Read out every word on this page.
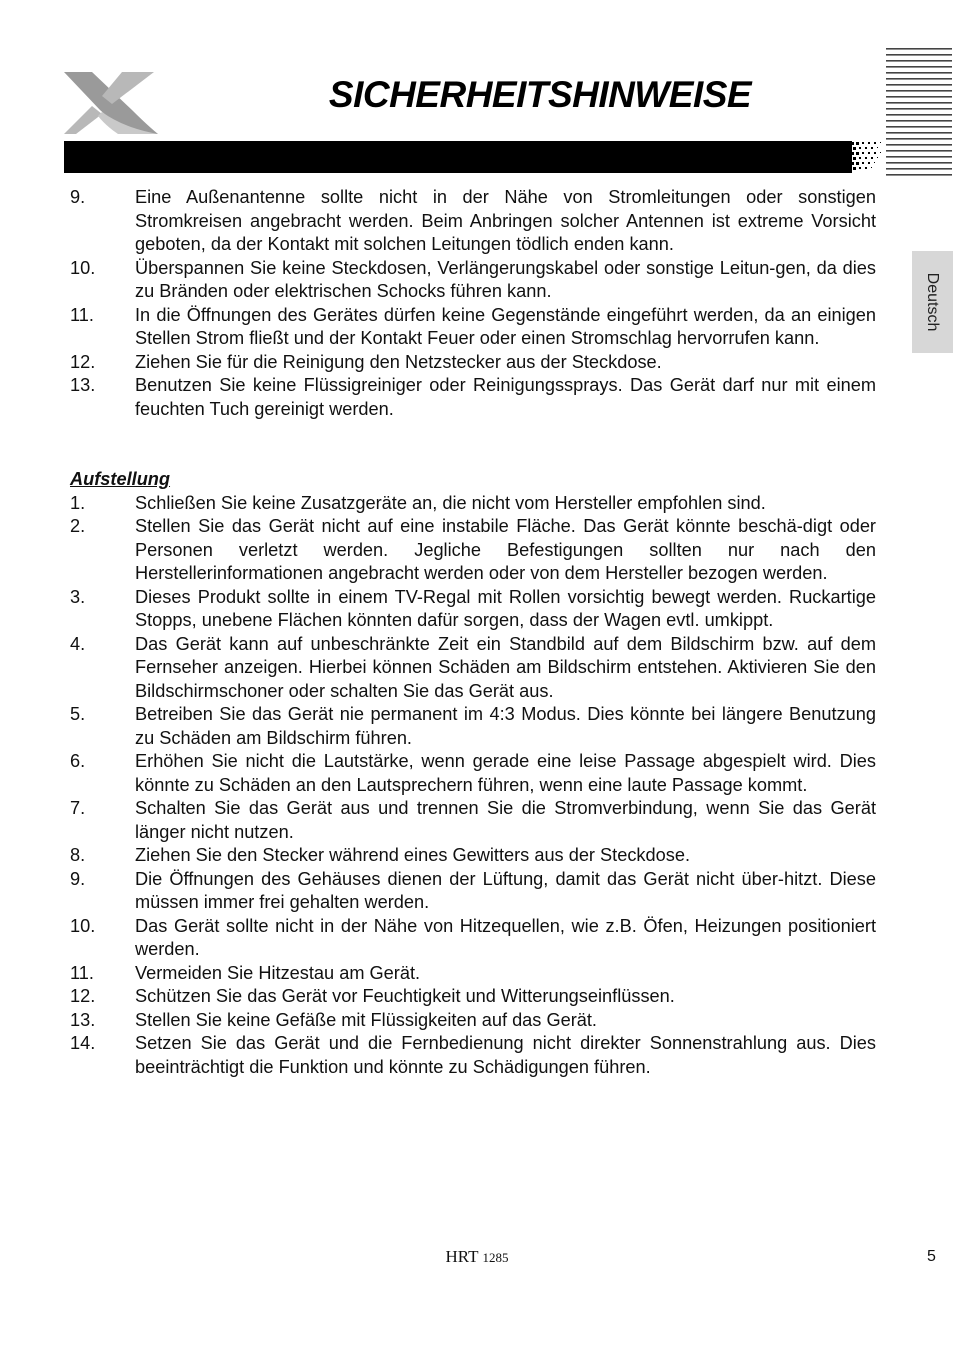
SICHERHEITSHINWEISE
Deutsch
9.	Eine Außenantenne sollte nicht in der Nähe von Stromleitungen oder sonstigen Stromkreisen angebracht werden. Beim Anbringen solcher Antennen ist extreme Vorsicht geboten, da der Kontakt mit solchen Leitungen tödlich enden kann.
10.	Überspannen Sie keine Steckdosen, Verlängerungskabel oder sonstige Leitun-gen, da dies zu Bränden oder elektrischen Schocks führen kann.
11.	In die Öffnungen des Gerätes dürfen keine Gegenstände eingeführt werden, da an einigen Stellen Strom fließt und der Kontakt Feuer oder einen Stromschlag hervorrufen kann.
12.	Ziehen Sie für die Reinigung den Netzstecker aus der Steckdose.
13.	Benutzen Sie keine Flüssigreiniger oder Reinigungssprays. Das Gerät darf nur mit einem feuchten Tuch gereinigt werden.
Aufstellung
1.	Schließen Sie keine Zusatzgeräte an, die nicht vom Hersteller empfohlen sind.
2.	Stellen Sie das Gerät nicht auf eine instabile Fläche. Das Gerät könnte beschä-digt oder Personen verletzt werden. Jegliche Befestigungen sollten nur nach den Herstellerinformationen angebracht werden oder von dem Hersteller bezogen werden.
3.	Dieses Produkt sollte in einem TV-Regal mit Rollen vorsichtig bewegt werden. Ruckartige Stopps, unebene Flächen könnten dafür sorgen, dass der Wagen evtl. umkippt.
4.	Das Gerät kann auf unbeschränkte Zeit ein Standbild auf dem Bildschirm bzw. auf dem Fernseher anzeigen. Hierbei können Schäden am Bildschirm entstehen. Aktivieren Sie den Bildschirmschoner oder schalten Sie das Gerät aus.
5.	Betreiben Sie das Gerät nie permanent im 4:3 Modus. Dies könnte bei längere Benutzung zu Schäden am Bildschirm führen.
6.	Erhöhen Sie nicht die Lautstärke, wenn gerade eine leise Passage abgespielt wird. Dies könnte zu Schäden an den Lautsprechern führen, wenn eine laute Passage kommt.
7.	Schalten Sie das Gerät aus und trennen Sie die Stromverbindung, wenn Sie das Gerät länger nicht nutzen.
8.	Ziehen Sie den Stecker während eines Gewitters aus der Steckdose.
9.	Die Öffnungen des Gehäuses dienen der Lüftung, damit das Gerät nicht über-hitzt. Diese müssen immer frei gehalten werden.
10.	Das Gerät sollte nicht in der Nähe von Hitzequellen, wie z.B. Öfen, Heizungen positioniert werden.
11.	Vermeiden Sie Hitzestau am Gerät.
12.	Schützen Sie das Gerät vor Feuchtigkeit und Witterungseinflüssen.
13.	Stellen Sie keine Gefäße mit Flüssigkeiten auf das Gerät.
14.	Setzen Sie das Gerät und die Fernbedienung nicht direkter Sonnenstrahlung aus. Dies beeinträchtigt die Funktion und könnte zu Schädigungen führen.
HRT 1285	5
